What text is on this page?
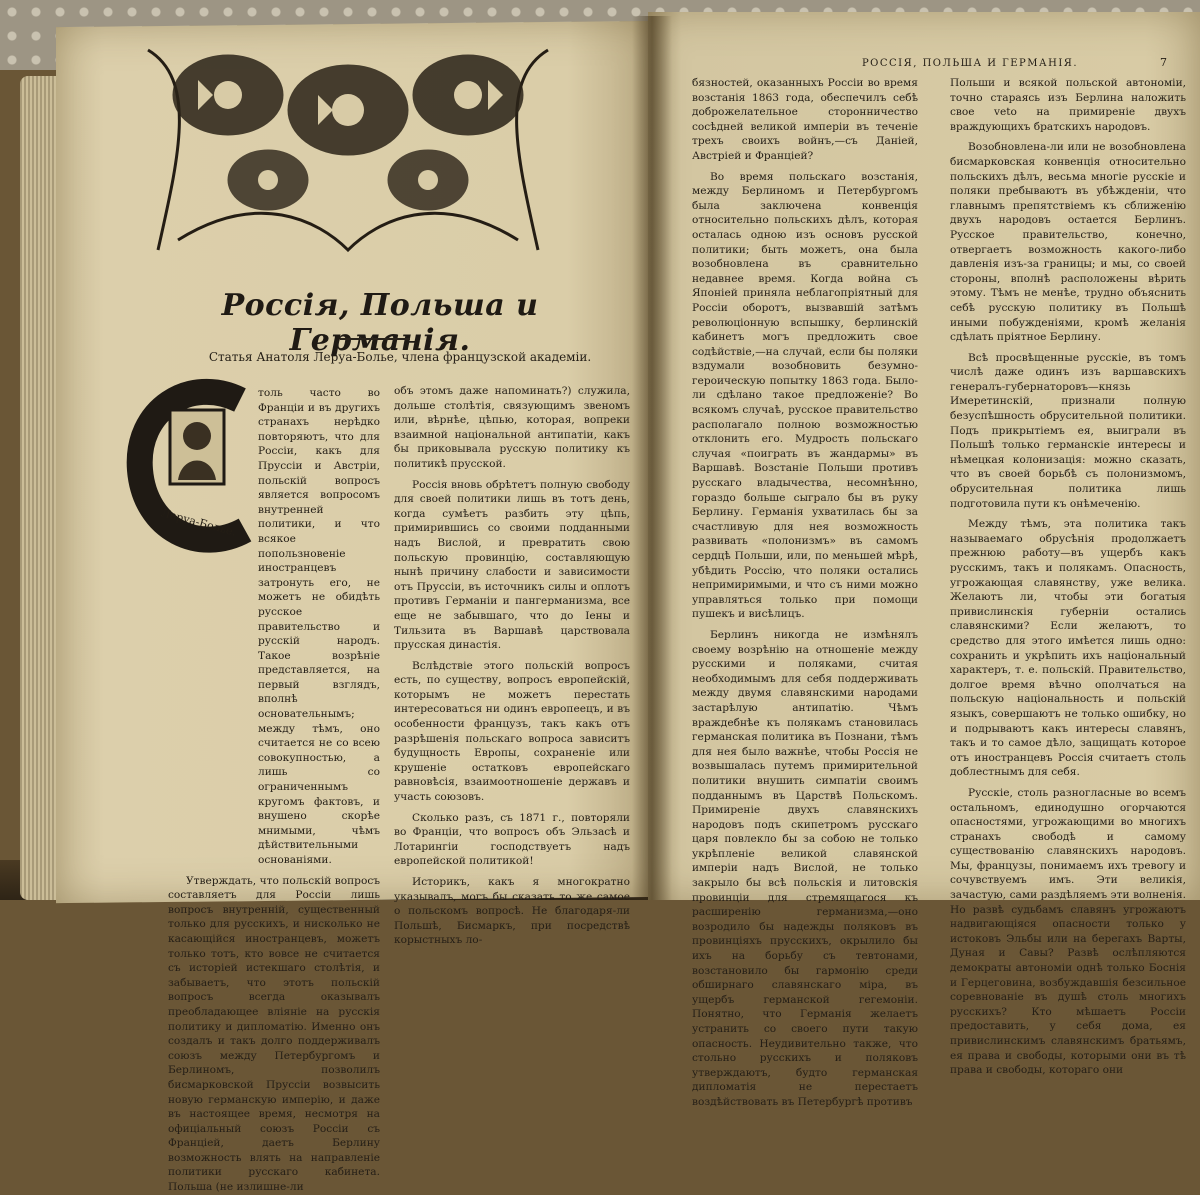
Россія, Польша и Германія.
Статья Анатоля Леруа-Болье, члена французской академіи.
Леруа-Болье.

толь часто во Франціи и въ другихъ странахъ нерѣдко повторяютъ, что для Россіи, какъ для Пруссіи и Австріи, польскій вопросъ является вопросомъ внутренней политики, и что всякое попользновеніе иностранцевъ затронуть его, не можетъ не обидѣть русское правительство и русскій народъ. Такое возрѣніе представляется, на первый взглядъ, вполнѣ основательнымъ; между тѣмъ, оно считается не со всею совокупностью, а лишь со ограниченнымъ кругомъ фактовъ, и внушено скорѣе мнимыми, чѣмъ дѣйствительными основаніями.

Утверждать, что польскій вопросъ составляетъ для Россіи лишь вопросъ внутренній, существенный только для русскихъ, и нисколько не касающійся иностранцевъ, можетъ только тотъ, кто вовсе не считается съ исторіей истекшаго столѣтія, и забываетъ, что этотъ польскій вопросъ всегда оказывалъ преобладающее вліяніе на русскія политику и дипломатію. Именно онъ создалъ и такъ долго поддерживалъ союзъ между Петербургомъ и Берлиномъ, позволилъ бисмарковской Пруссіи возвысить новую германскую имперію, и даже въ настоящее время, несмотря на офиціальный союзъ Россіи съ Франціей, даетъ Берлину возможность влять на направленіе политики русскаго кабинета. Польша (не излишне-ли

объ этомъ даже напоминать?) служила, дольше столѣтія, связующимъ звеномъ или, вѣрнѣе, цѣпью, которая, вопреки взаимной національной антипатіи, какъ бы приковывала русскую политику къ политикѣ прусской.

Россія вновь обрѣтетъ полную свободу для своей политики лишь въ тотъ день, когда сумѣетъ разбить эту цѣпь, примирившись со своими подданными надъ Вислой, и превратить свою польскую провинцію, составляющую нынѣ причину слабости и зависимости отъ Пруссіи, въ источникъ силы и оплотъ противъ Германіи и пангерманизма, все еще не забывшаго, что до Іены и Тильзита въ Варшавѣ царствовала прусская династія.

Вслѣдствіе этого польскій вопросъ есть, по существу, вопросъ европейскій, которымъ не можетъ перестать интересоваться ни одинъ европеецъ, и въ особенности французъ, такъ какъ отъ разрѣшенія польскаго вопроса зависитъ будущность Европы, сохраненіе или крушеніе остатковъ европейскаго равновѣсія, взаимоотношеніе державъ и участь союзовъ.

Сколько разъ, съ 1871 г., повторяли во Франціи, что вопросъ объ Эльзасѣ и Лотарингіи господствуетъ надъ европейской политикой!

Историкъ, какъ я многократно указывалъ, могъ бы сказать то же самое о польскомъ вопросѣ. Не благодаря-ли Польшѣ, Бисмаркъ, при посредствѣ корыстныхъ ло-

РОССІЯ, ПОЛЬША И ГЕРМАНІЯ.	7

бязностей, оказанныхъ Россіи во время возстанія 1863 года, обеспечилъ себѣ доброжелательное сторонничество сосѣдней великой имперіи въ теченіе трехъ своихъ войнъ,—съ Даніей, Австріей и Франціей?

Во время польскаго возстанія, между Берлиномъ и Петербургомъ была заключена конвенція относительно польскихъ дѣлъ, которая осталась одною изъ основъ русской политики; быть можетъ, она была возобновлена въ сравнительно недавнее время. Когда война съ Японіей приняла неблагопріятный для Россіи оборотъ, вызвавшій затѣмъ революціонную вспышку, берлинскій кабинетъ могъ предложить свое содѣйствіе,—на случай, если бы поляки вздумали возобновить безумно-героическую попытку 1863 года. Было-ли сдѣлано такое предложеніе? Во всякомъ случаѣ, русское правительство располагало полною возможностью отклонить его. Мудрость польскаго случая «поиграть въ жандармы» въ Варшавѣ. Возстаніе Польши противъ русскаго владычества, несомнѣнно, гораздо больше сыграло бы въ руку Берлину. Германія ухватилась бы за счастливую для нея возможность развивать «полонизмъ» въ самомъ сердцѣ Польши, или, по меньшей мѣрѣ, убѣдить Россію, что поляки остались непримиримыми, и что съ ними можно управляться только при помощи пушекъ и висѣлицъ.

Берлинъ никогда не измѣнялъ своему возрѣнію на отношеніе между русскими и поляками, считая необходимымъ для себя поддерживать между двумя славянскими народами застарѣлую антипатію. Чѣмъ враждебнѣе къ полякамъ становилась германская политика въ Познани, тѣмъ для нея было важнѣе, чтобы Россія не возвышалась путемъ примирительной политики внушить симпатіи своимъ подданнымъ въ Царствѣ Польскомъ. Примиреніе двухъ славянскихъ народовъ подъ скипетромъ русскаго царя повлекло бы за собою не только укрѣпленіе великой славянской имперіи надъ Вислой, не только закрыло бы всѣ польскія и литовскія провинціи для стремящагося къ расширенію германизма,—оно возродило бы надежды поляковъ въ провинціяхъ прусскихъ, окрылило бы ихъ на борьбу съ тевтонами, возстановило бы гармонію среди обширнаго славянскаго міра, въ ущербъ германской гегемоніи. Понятно, что Германія желаетъ устранить со своего пути такую опасность. Неудивительно также, что стольно русскихъ и поляковъ утверждаютъ, будто германская дипломатія не перестаетъ воздѣйствовать въ Петербургѣ противъ

Польши и всякой польской автономіи, точно стараясь изъ Берлина наложить свое veto на примиреніе двухъ враждующихъ братскихъ народовъ.

Возобновлена-ли или не возобновлена бисмарковская конвенція относительно польскихъ дѣлъ, весьма многіе русскіе и поляки пребываютъ въ убѣжденіи, что главнымъ препятствіемъ къ сближенію двухъ народовъ остается Берлинъ. Русское правительство, конечно, отвергаетъ возможность какого-либо давленія изъ-за границы; и мы, со своей стороны, вполнѣ расположены вѣрить этому. Тѣмъ не менѣе, трудно объяснить себѣ русскую политику въ Польшѣ иными побужденіями, кромѣ желанія сдѣлать пріятное Берлину.

Всѣ просвѣщенные русскіе, въ томъ числѣ даже одинъ изъ варшавскихъ генералъ-губернаторовъ—князь Имеретинскій, признали полную безуспѣшность обрусительной политики. Подъ прикрытіемъ ея, выиграли въ Польшѣ только германскіе интересы и нѣмецкая колонизація: можно сказать, что въ своей борьбѣ съ полонизмомъ, обрусительная политика лишь подготовила пути къ онѣмеченію.

Между тѣмъ, эта политика такъ называемаго обрусѣнія продолжаетъ прежнюю работу—въ ущербъ какъ русскимъ, такъ и полякамъ. Опасность, угрожающая славянству, уже велика. Желаютъ ли, чтобы эти богатыя привислинскія губерніи остались славянскими? Если желаютъ, то средство для этого имѣется лишь одно: сохранить и укрѣпить ихъ національный характеръ, т. е. польскій. Правительство, долгое время вѣчно ополчаться на польскую національность и польскій языкъ, совершаютъ не только ошибку, но и подрываютъ какъ интересы славянъ, такъ и то самое дѣло, защищать которое отъ иностранцевъ Россія считаетъ столь доблестнымъ для себя.

Русскіе, столь разногласные во всемъ остальномъ, единодушно огорчаются опасностями, угрожающими во многихъ странахъ свободѣ и самому существованію славянскихъ народовъ. Мы, французы, понимаемъ ихъ тревогу и сочувствуемъ имъ. Эти великія, зачастую, сами раздѣляемъ эти волненія. Но развѣ судьбамъ славянъ угрожаютъ надвигающіяся опасности только у истоковъ Эльбы или на берегахъ Варты, Дуная и Савы? Развѣ ослѣпляются демократы автономіи однѣ только Боснія и Герцеговина, возбуждавшія безсильное соревнованіе въ душѣ столь многихъ русскихъ? Кто мѣшаетъ Россіи предоставить, у себя дома, ея привислинскимъ славянскимъ братьямъ, ея права и свободы, которыми они въ тѣ права и свободы, котораго они
